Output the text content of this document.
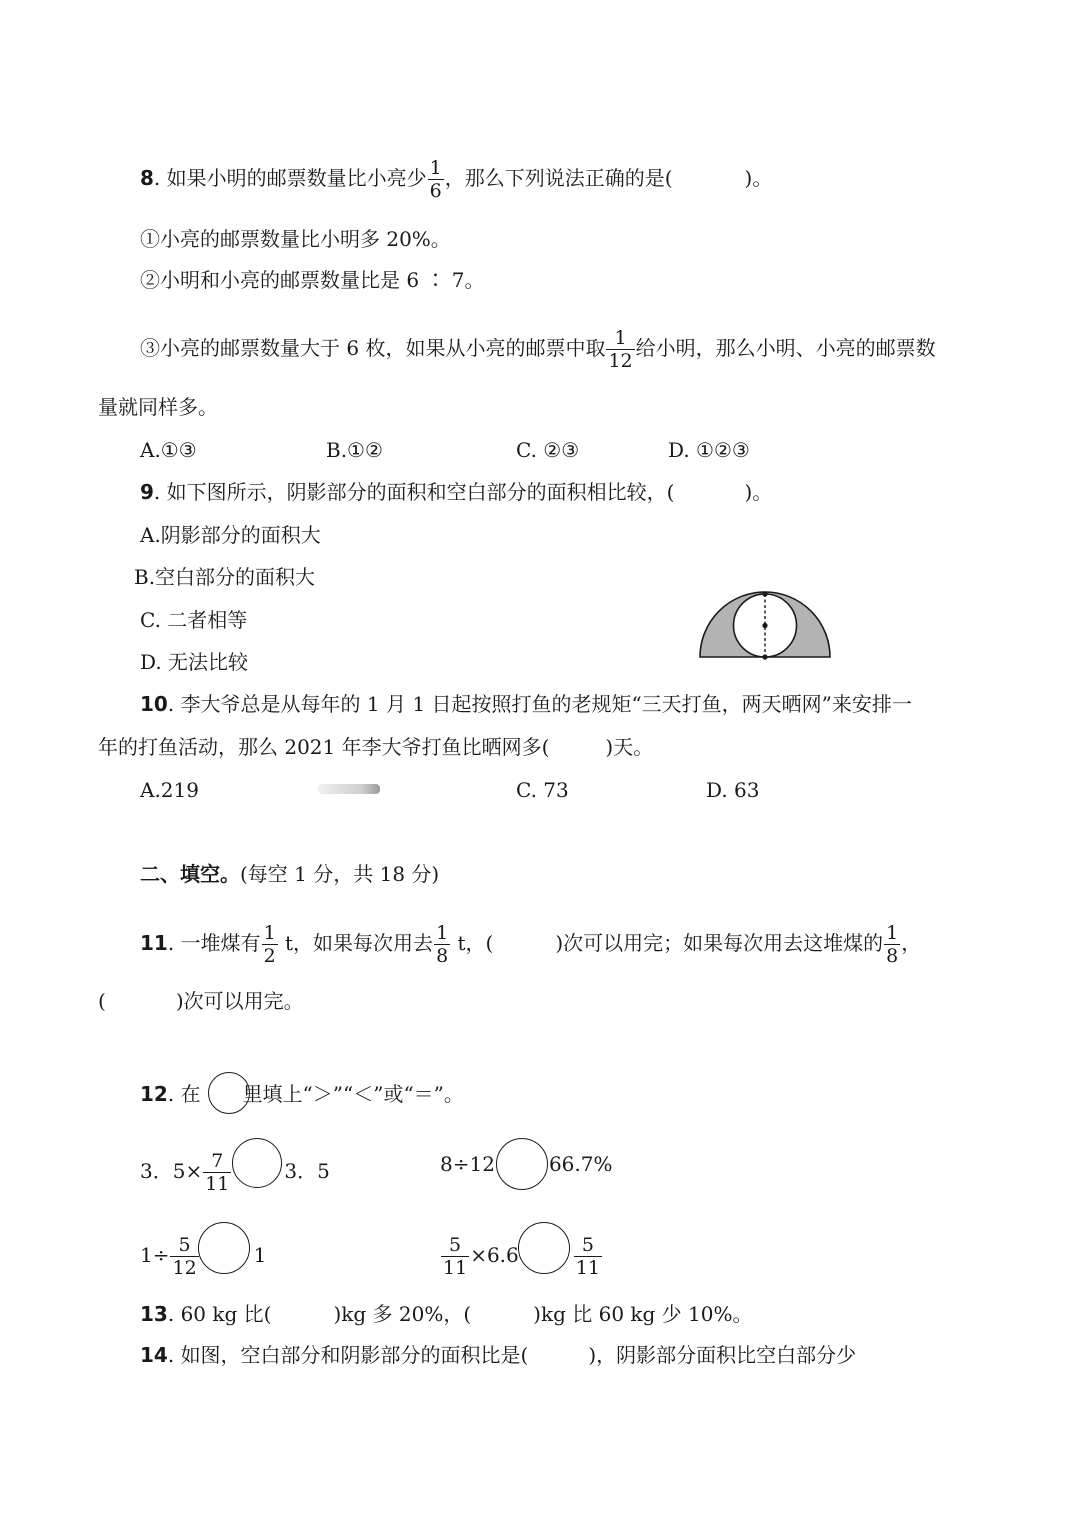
8. 如果小明的邮票数量比小亮少 $\frac{1}{6}$ ，那么下列说法正确的是(	)。
①小亮的邮票数量比小明多 20%。
②小明和小亮的邮票数量比是 6 ∶ 7。
③小亮的邮票数量大于 6 枚，如果从小亮的邮票中取 $\frac{1}{12}$ 给小明，那么小明、小亮的邮票数
量就同样多。
A.①③	B.①②	C. ②③	D. ①②③
9. 如下图所示，阴影部分的面积和空白部分的面积相比较，(	)。
A.阴影部分的面积大
B.空白部分的面积大
C. 二者相等
D. 无法比较
10. 李大爷总是从每年的 1 月 1 日起按照打鱼的老规矩“三天打鱼，两天晒网”来安排一
年的打鱼活动，那么 2021 年李大爷打鱼比晒网多(	)天。
A.219	C. 73	D. 63
二、填空。(每空 1 分，共 18 分)
11. 一堆煤有 $\frac{1}{2}$ t，如果每次用去 $\frac{1}{8}$ t，(	)次可以用完；如果每次用去这堆煤的 $\frac{1}{8}$ ，
(	)次可以用完。
12. 在 里填上“＞”“＜”或“＝”。
3．$5\times \frac{7}{11}$	3．5	8÷12	66.7%
$1\div \frac{5}{12}$	1	$\frac{5}{11} \times 6.6$	$\frac{5}{11}$
13. 60 kg 比(	)kg 多 20%，(	)kg 比 60 kg 少 10%。
14. 如图，空白部分和阴影部分的面积比是(	)，阴影部分面积比空白部分少
